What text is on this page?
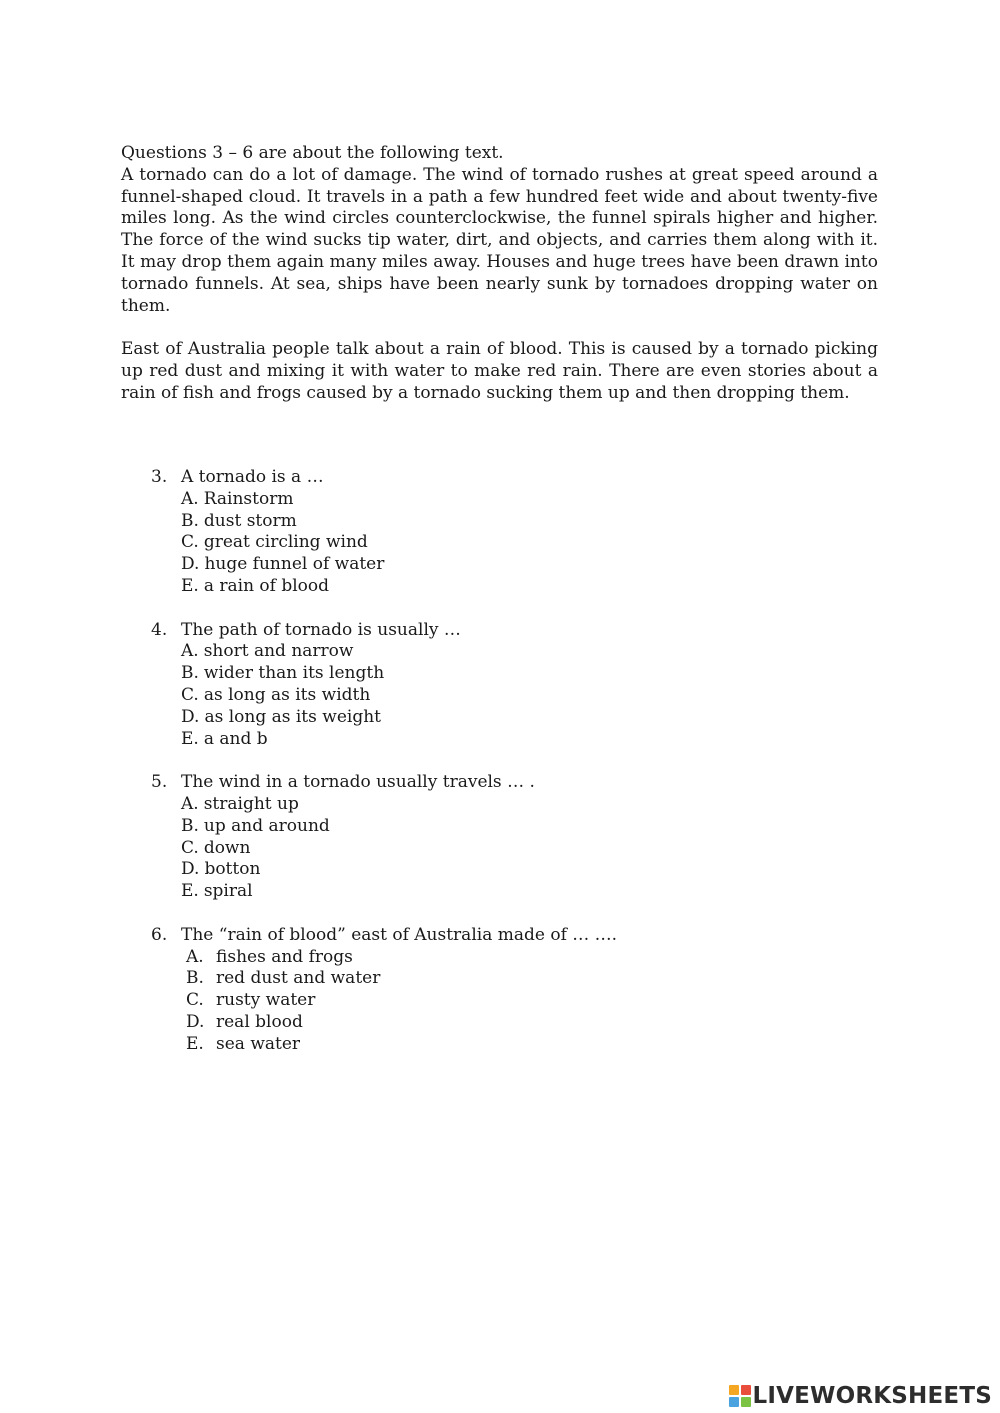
Questions 3 – 6 are about the following text.

A tornado can do a lot of damage. The wind of tornado rushes at great speed around a funnel-shaped cloud. It travels in a path a few hundred feet wide and about twenty-five miles long. As the wind circles counterclockwise, the funnel spirals higher and higher. The force of the wind sucks tip water, dirt, and objects, and carries them along with it. It may drop them again many miles away. Houses and huge trees have been drawn into tornado funnels. At sea, ships have been nearly sunk by tornadoes dropping water on them.

East of Australia people talk about a rain of blood. This is caused by a tornado picking up red dust and mixing it with water to make red rain. There are even stories about a rain of fish and frogs caused by a tornado sucking them up and then dropping them.

3. A tornado is a …
A. Rainstorm
B. dust storm
C. great circling wind
D. huge funnel of water
E. a rain of blood
4. The path of tornado is usually …
A. short and narrow
B. wider than its length
C. as long as its width
D. as long as its weight
E. a and b
5. The wind in a tornado usually travels … .
A. straight up
B. up and around
C. down
D. botton
E. spiral
6. The “rain of blood” east of Australia made of … ….
A. fishes and frogs
B. red dust and water
C. rusty water
D. real blood
E. sea water
LIVEWORKSHEETS
